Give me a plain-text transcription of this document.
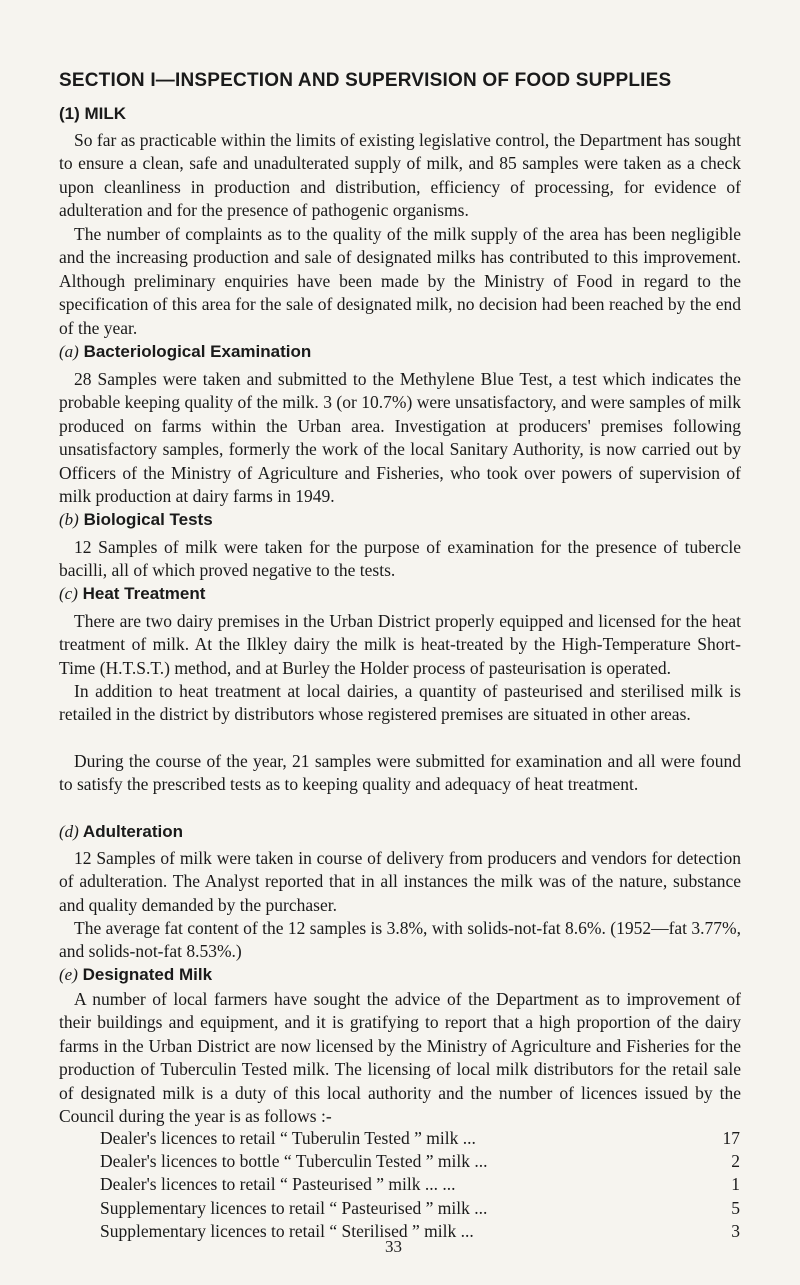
SECTION I—INSPECTION AND SUPERVISION OF FOOD SUPPLIES
(1) MILK
So far as practicable within the limits of existing legislative control, the Department has sought to ensure a clean, safe and unadulterated supply of milk, and 85 samples were taken as a check upon cleanliness in production and distribution, efficiency of processing, for evidence of adulteration and for the presence of pathogenic organisms.
The number of complaints as to the quality of the milk supply of the area has been negligible and the increasing production and sale of designated milks has contributed to this improvement. Although preliminary enquiries have been made by the Ministry of Food in regard to the specification of this area for the sale of designated milk, no decision had been reached by the end of the year.
(a) Bacteriological Examination
28 Samples were taken and submitted to the Methylene Blue Test, a test which indicates the probable keeping quality of the milk. 3 (or 10.7%) were unsatisfactory, and were samples of milk produced on farms within the Urban area. Investigation at producers' premises following unsatisfactory samples, formerly the work of the local Sanitary Authority, is now carried out by Officers of the Ministry of Agriculture and Fisheries, who took over powers of supervision of milk production at dairy farms in 1949.
(b) Biological Tests
12 Samples of milk were taken for the purpose of examination for the presence of tubercle bacilli, all of which proved negative to the tests.
(c) Heat Treatment
There are two dairy premises in the Urban District properly equipped and licensed for the heat treatment of milk. At the Ilkley dairy the milk is heat-treated by the High-Temperature Short-Time (H.T.S.T.) method, and at Burley the Holder process of pasteurisation is operated.
In addition to heat treatment at local dairies, a quantity of pasteurised and sterilised milk is retailed in the district by distributors whose registered premises are situated in other areas.
During the course of the year, 21 samples were submitted for examination and all were found to satisfy the prescribed tests as to keeping quality and adequacy of heat treatment.
(d) Adulteration
12 Samples of milk were taken in course of delivery from producers and vendors for detection of adulteration. The Analyst reported that in all instances the milk was of the nature, substance and quality demanded by the purchaser.
The average fat content of the 12 samples is 3.8%, with solids-not-fat 8.6%. (1952—fat 3.77%, and solids-not-fat 8.53%.)
(e) Designated Milk
A number of local farmers have sought the advice of the Department as to improvement of their buildings and equipment, and it is gratifying to report that a high proportion of the dairy farms in the Urban District are now licensed by the Ministry of Agriculture and Fisheries for the production of Tuberculin Tested milk. The licensing of local milk distributors for the retail sale of designated milk is a duty of this local authority and the number of licences issued by the Council during the year is as follows :-
Dealer's licences to retail “ Tuberulin Tested ” milk ...	17
Dealer's licences to bottle “ Tuberculin Tested ” milk ...	2
Dealer's licences to retail “ Pasteurised ” milk ... ...	1
Supplementary licences to retail “ Pasteurised ” milk ...	5
Supplementary licences to retail “ Sterilised ” milk ...	3
33
